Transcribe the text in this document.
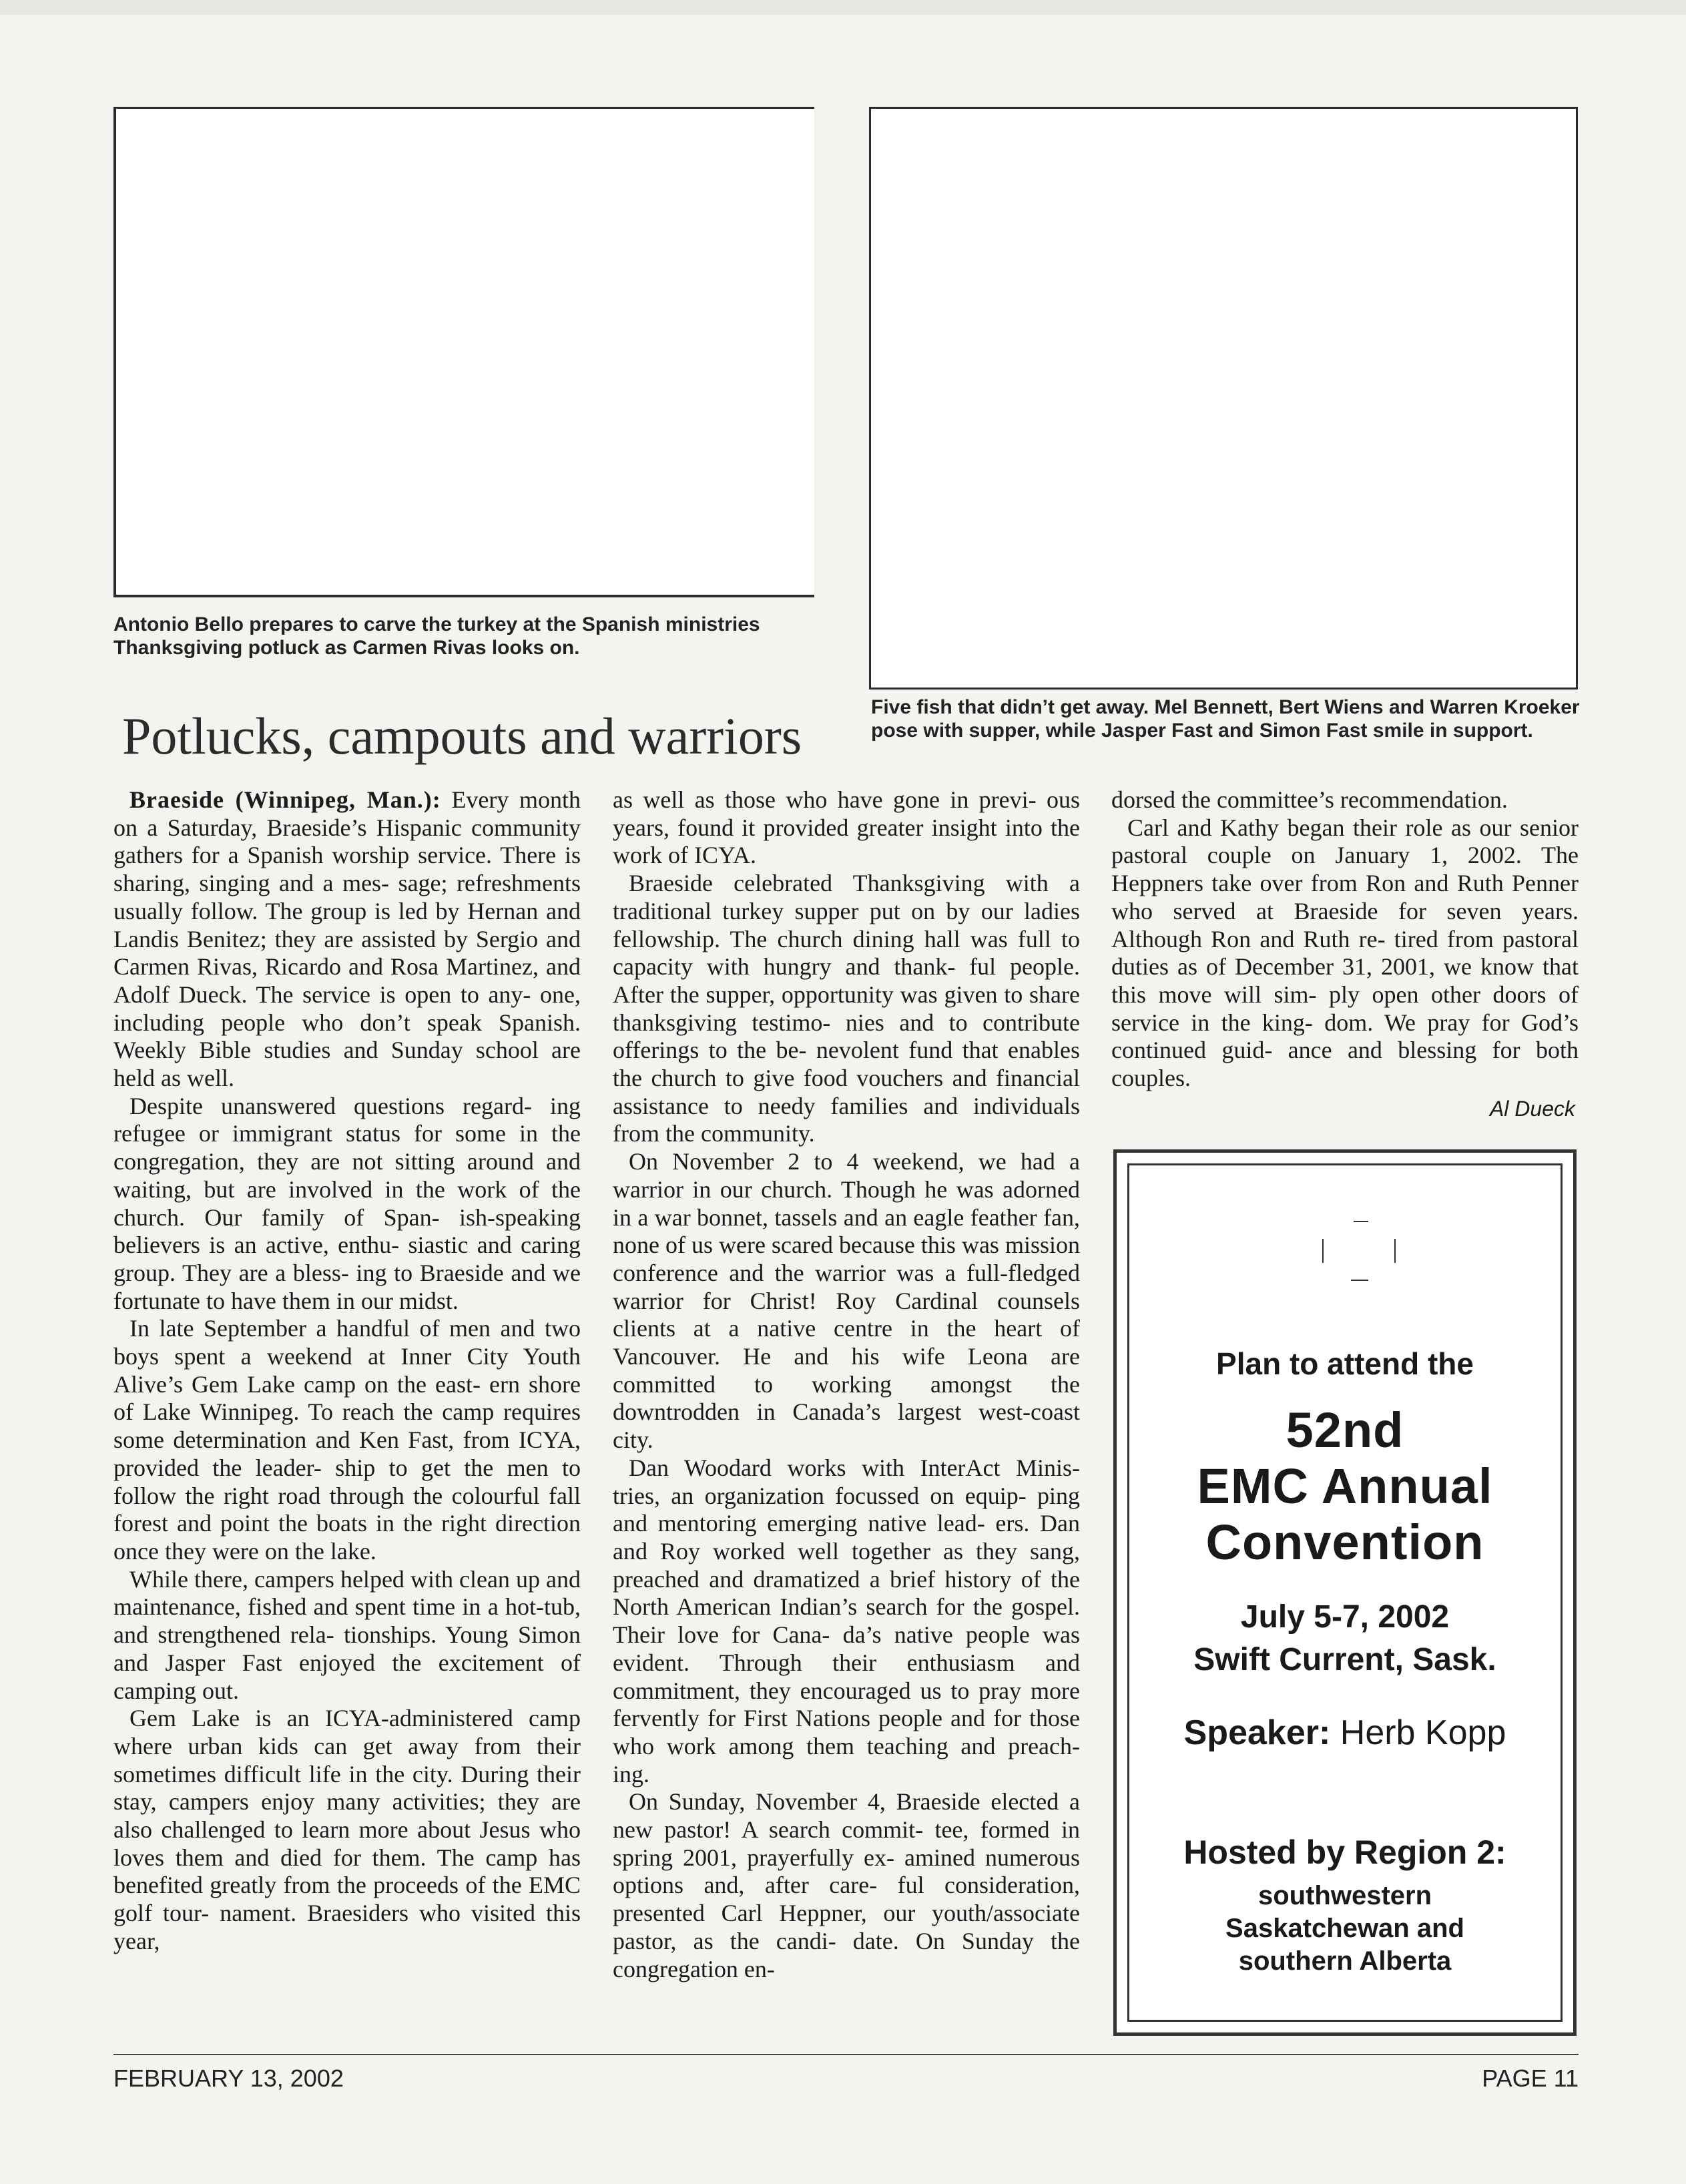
Antonio Bello prepares to carve the turkey at the Spanish ministries Thanksgiving potluck as Carmen Rivas looks on.
Five fish that didn’t get away. Mel Bennett, Bert Wiens and Warren Kroeker pose with supper, while Jasper Fast and Simon Fast smile in support.
Potlucks, campouts and warriors

Braeside (Winnipeg, Man.): Every month on a Saturday, Braeside’s Hispanic community gathers for a Spanish worship service. There is sharing, singing and a mes- sage; refreshments usually follow. The group is led by Hernan and Landis Benitez; they are assisted by Sergio and Carmen Rivas, Ricardo and Rosa Martinez, and Adolf Dueck. The service is open to any- one, including people who don’t speak Spanish. Weekly Bible studies and Sunday school are held as well.

Despite unanswered questions regard- ing refugee or immigrant status for some in the congregation, they are not sitting around and waiting, but are involved in the work of the church. Our family of Span- ish-speaking believers is an active, enthu- siastic and caring group. They are a bless- ing to Braeside and we fortunate to have them in our midst.

In late September a handful of men and two boys spent a weekend at Inner City Youth Alive’s Gem Lake camp on the east- ern shore of Lake Winnipeg. To reach the camp requires some determination and Ken Fast, from ICYA, provided the leader- ship to get the men to follow the right road through the colourful fall forest and point the boats in the right direction once they were on the lake.

While there, campers helped with clean up and maintenance, fished and spent time in a hot-tub, and strengthened rela- tionships. Young Simon and Jasper Fast enjoyed the excitement of camping out.

Gem Lake is an ICYA-administered camp where urban kids can get away from their sometimes difficult life in the city. During their stay, campers enjoy many activities; they are also challenged to learn more about Jesus who loves them and died for them. The camp has benefited greatly from the proceeds of the EMC golf tour- nament. Braesiders who visited this year,

as well as those who have gone in previ- ous years, found it provided greater insight into the work of ICYA.

Braeside celebrated Thanksgiving with a traditional turkey supper put on by our ladies fellowship. The church dining hall was full to capacity with hungry and thank- ful people. After the supper, opportunity was given to share thanksgiving testimo- nies and to contribute offerings to the be- nevolent fund that enables the church to give food vouchers and financial assistance to needy families and individuals from the community.

On November 2 to 4 weekend, we had a warrior in our church. Though he was adorned in a war bonnet, tassels and an eagle feather fan, none of us were scared because this was mission conference and the warrior was a full-fledged warrior for Christ! Roy Cardinal counsels clients at a native centre in the heart of Vancouver. He and his wife Leona are committed to working amongst the downtrodden in Canada’s largest west-coast city.

Dan Woodard works with InterAct Minis- tries, an organization focussed on equip- ping and mentoring emerging native lead- ers. Dan and Roy worked well together as they sang, preached and dramatized a brief history of the North American Indian’s search for the gospel. Their love for Cana- da’s native people was evident. Through their enthusiasm and commitment, they encouraged us to pray more fervently for First Nations people and for those who work among them teaching and preach- ing.

On Sunday, November 4, Braeside elected a new pastor! A search commit- tee, formed in spring 2001, prayerfully ex- amined numerous options and, after care- ful consideration, presented Carl Heppner, our youth/associate pastor, as the candi- date. On Sunday the congregation en-

dorsed the committee’s recommendation.

Carl and Kathy began their role as our senior pastoral couple on January 1, 2002. The Heppners take over from Ron and Ruth Penner who served at Braeside for seven years. Although Ron and Ruth re- tired from pastoral duties as of December 31, 2001, we know that this move will sim- ply open other doors of service in the king- dom. We pray for God’s continued guid- ance and blessing for both couples.

Al Dueck
Plan to attend the
52nd
EMC Annual
Convention
July 5-7, 2002
Swift Current, Sask.
Speaker: Herb Kopp
Hosted by Region 2:
southwestern
Saskatchewan and
southern Alberta
FEBRUARY 13, 2002	PAGE 11
